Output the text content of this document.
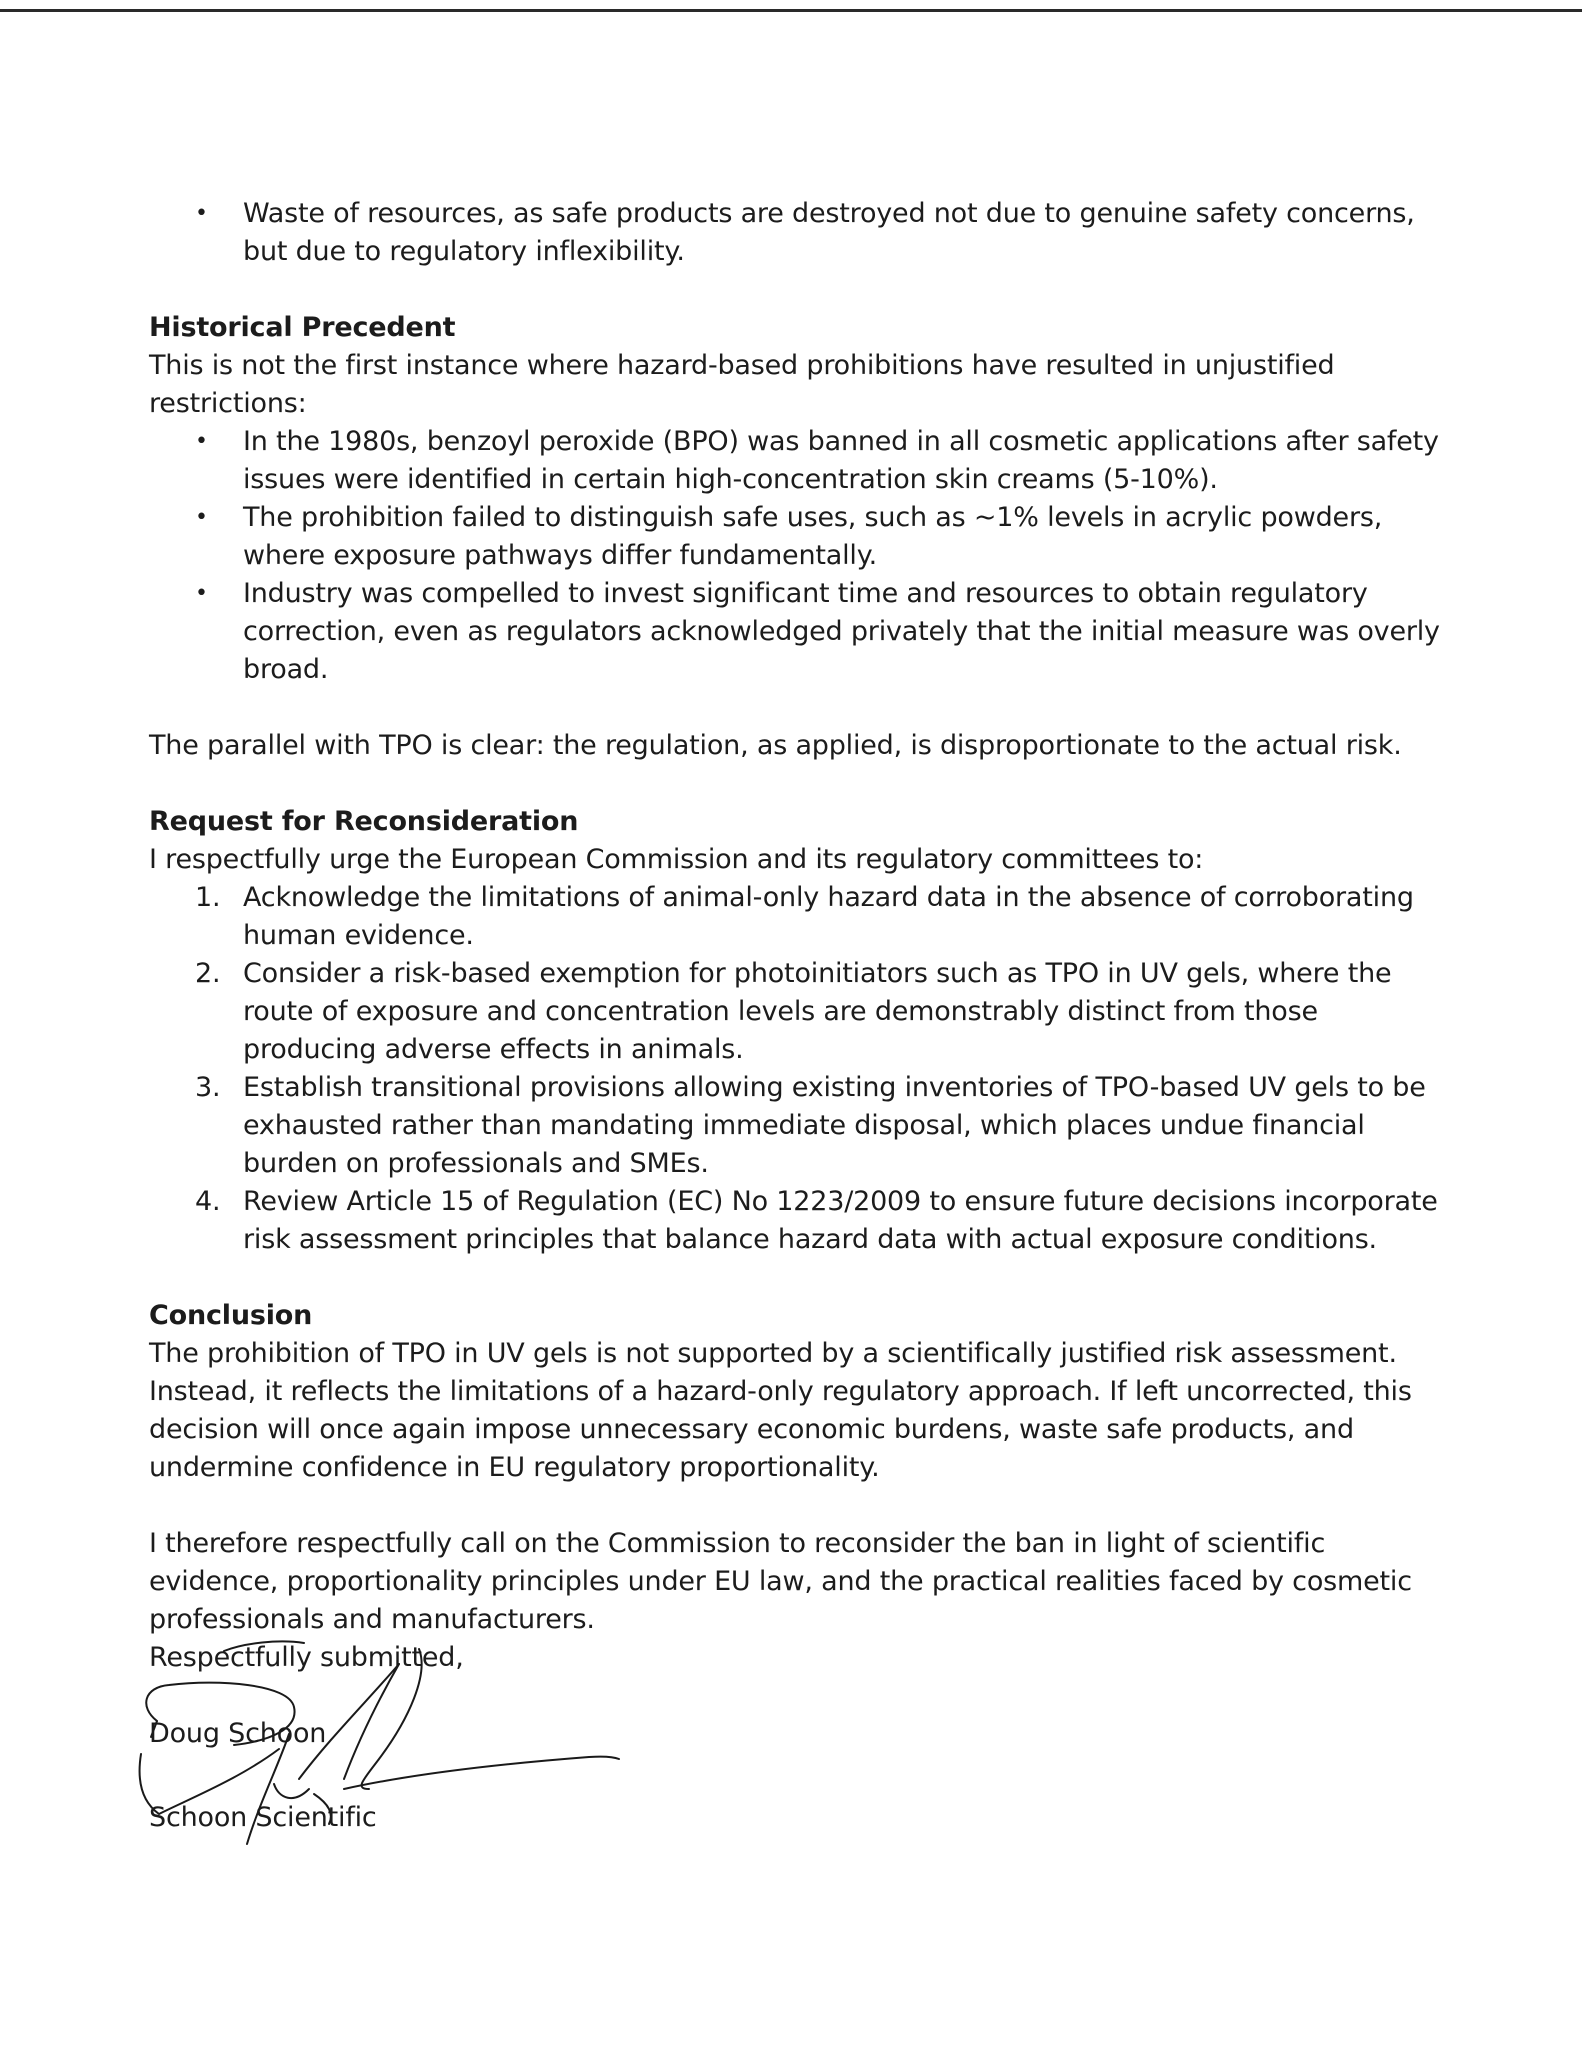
• Waste of resources, as safe products are destroyed not due to genuine safety concerns, but due to regulatory inflexibility.

Historical Precedent

This is not the first instance where hazard-based prohibitions have resulted in unjustified restrictions:

• In the 1980s, benzoyl peroxide (BPO) was banned in all cosmetic applications after safety issues were identified in certain high-concentration skin creams (5-10%).
• The prohibition failed to distinguish safe uses, such as ~1% levels in acrylic powders, where exposure pathways differ fundamentally.
• Industry was compelled to invest significant time and resources to obtain regulatory correction, even as regulators acknowledged privately that the initial measure was overly broad.

The parallel with TPO is clear: the regulation, as applied, is disproportionate to the actual risk.

Request for Reconsideration

I respectfully urge the European Commission and its regulatory committees to:

1. Acknowledge the limitations of animal-only hazard data in the absence of corroborating human evidence.
2. Consider a risk-based exemption for photoinitiators such as TPO in UV gels, where the route of exposure and concentration levels are demonstrably distinct from those producing adverse effects in animals.
3. Establish transitional provisions allowing existing inventories of TPO-based UV gels to be exhausted rather than mandating immediate disposal, which places undue financial burden on professionals and SMEs.
4. Review Article 15 of Regulation (EC) No 1223/2009 to ensure future decisions incorporate risk assessment principles that balance hazard data with actual exposure conditions.

Conclusion

The prohibition of TPO in UV gels is not supported by a scientifically justified risk assessment. Instead, it reflects the limitations of a hazard-only regulatory approach. If left uncorrected, this decision will once again impose unnecessary economic burdens, waste safe products, and undermine confidence in EU regulatory proportionality.

I therefore respectfully call on the Commission to reconsider the ban in light of scientific evidence, proportionality principles under EU law, and the practical realities faced by cosmetic professionals and manufacturers.

Respectfully submitted,
Doug Schoon
Schoon Scientific
